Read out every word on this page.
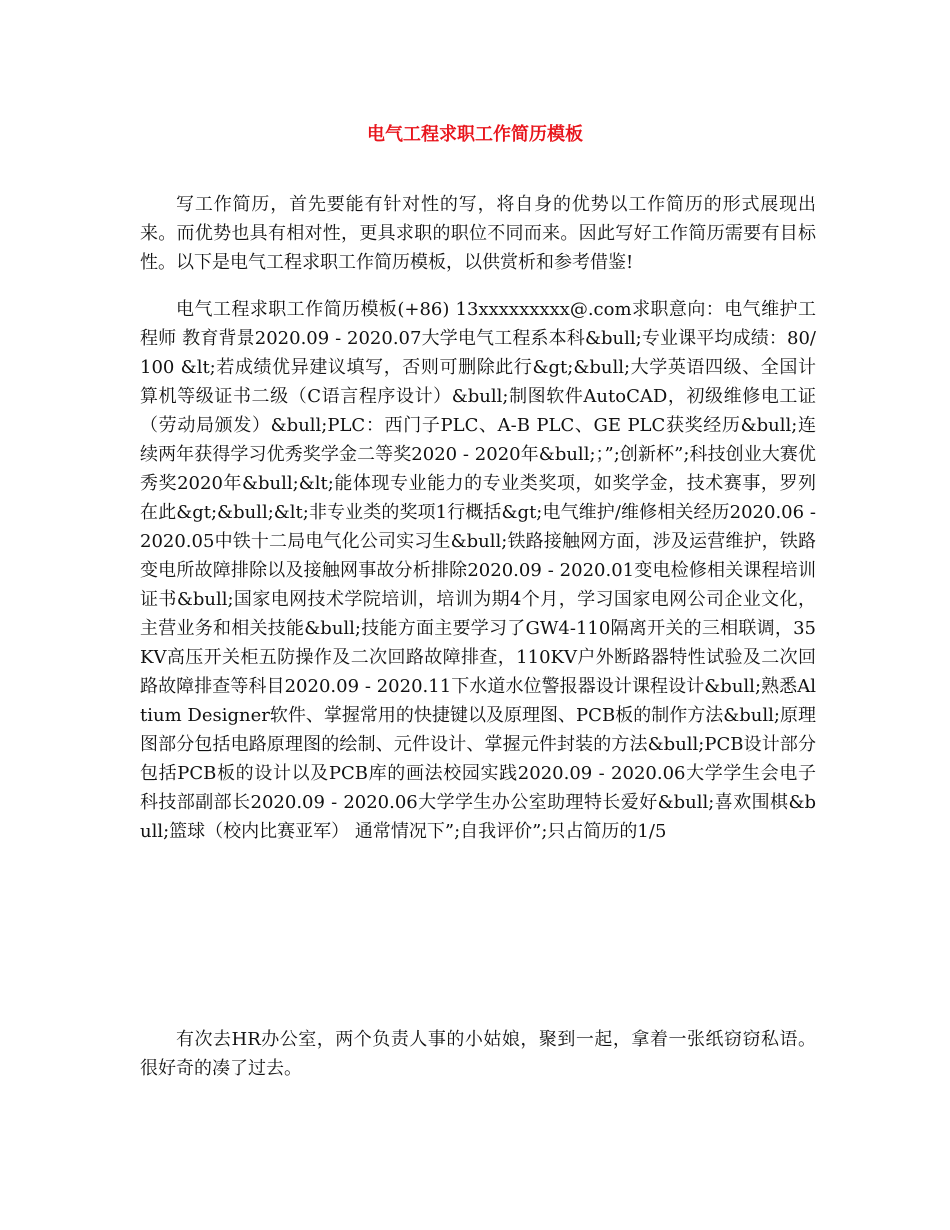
电气工程求职工作简历模板

写工作简历，首先要能有针对性的写，将自身的优势以工作简历的形式展现出来。而优势也具有相对性，更具求职的职位不同而来。因此写好工作简历需要有目标性。以下是电气工程求职工作简历模板，以供赏析和参考借鉴!

电气工程求职工作简历模板(+86) 13xxxxxxxxx@.com求职意向：电气维护工程师 教育背景2020.09 - 2020.07大学电气工程系本科&bull;专业课平均成绩：80/100 &lt;若成绩优异建议填写，否则可删除此行&gt;&bull;大学英语四级、全国计算机等级证书二级（C语言程序设计）&bull;制图软件AutoCAD，初级维修电工证（劳动局颁发）&bull;PLC：西门子PLC、A-B PLC、GE PLC获奖经历&bull;连续两年获得学习优秀奖学金二等奖2020 - 2020年&bull;；”;创新杯”;科技创业大赛优秀奖2020年&bull;&lt;能体现专业能力的专业类奖项，如奖学金，技术赛事，罗列在此&gt;&bull;&lt;非专业类的奖项1行概括&gt;电气维护/维修相关经历2020.06 - 2020.05中铁十二局电气化公司实习生&bull;铁路接触网方面，涉及运营维护，铁路变电所故障排除以及接触网事故分析排除2020.09 - 2020.01变电检修相关课程培训证书&bull;国家电网技术学院培训，培训为期4个月，学习国家电网公司企业文化，主营业务和相关技能&bull;技能方面主要学习了GW4-110隔离开关的三相联调，35KV高压开关柜五防操作及二次回路故障排查，110KV户外断路器特性试验及二次回路故障排查等科目2020.09 - 2020.11下水道水位警报器设计课程设计&bull;熟悉Altium Designer软件、掌握常用的快捷键以及原理图、PCB板的制作方法&bull;原理图部分包括电路原理图的绘制、元件设计、掌握元件封装的方法&bull;PCB设计部分包括PCB板的设计以及PCB库的画法校园实践2020.09 - 2020.06大学学生会电子科技部副部长2020.09 - 2020.06大学学生办公室助理特长爱好&bull;喜欢围棋&bull;篮球（校内比赛亚军） 通常情况下”;自我评价”;只占简历的1/5

有次去HR办公室，两个负责人事的小姑娘，聚到一起，拿着一张纸窃窃私语。很好奇的凑了过去。
